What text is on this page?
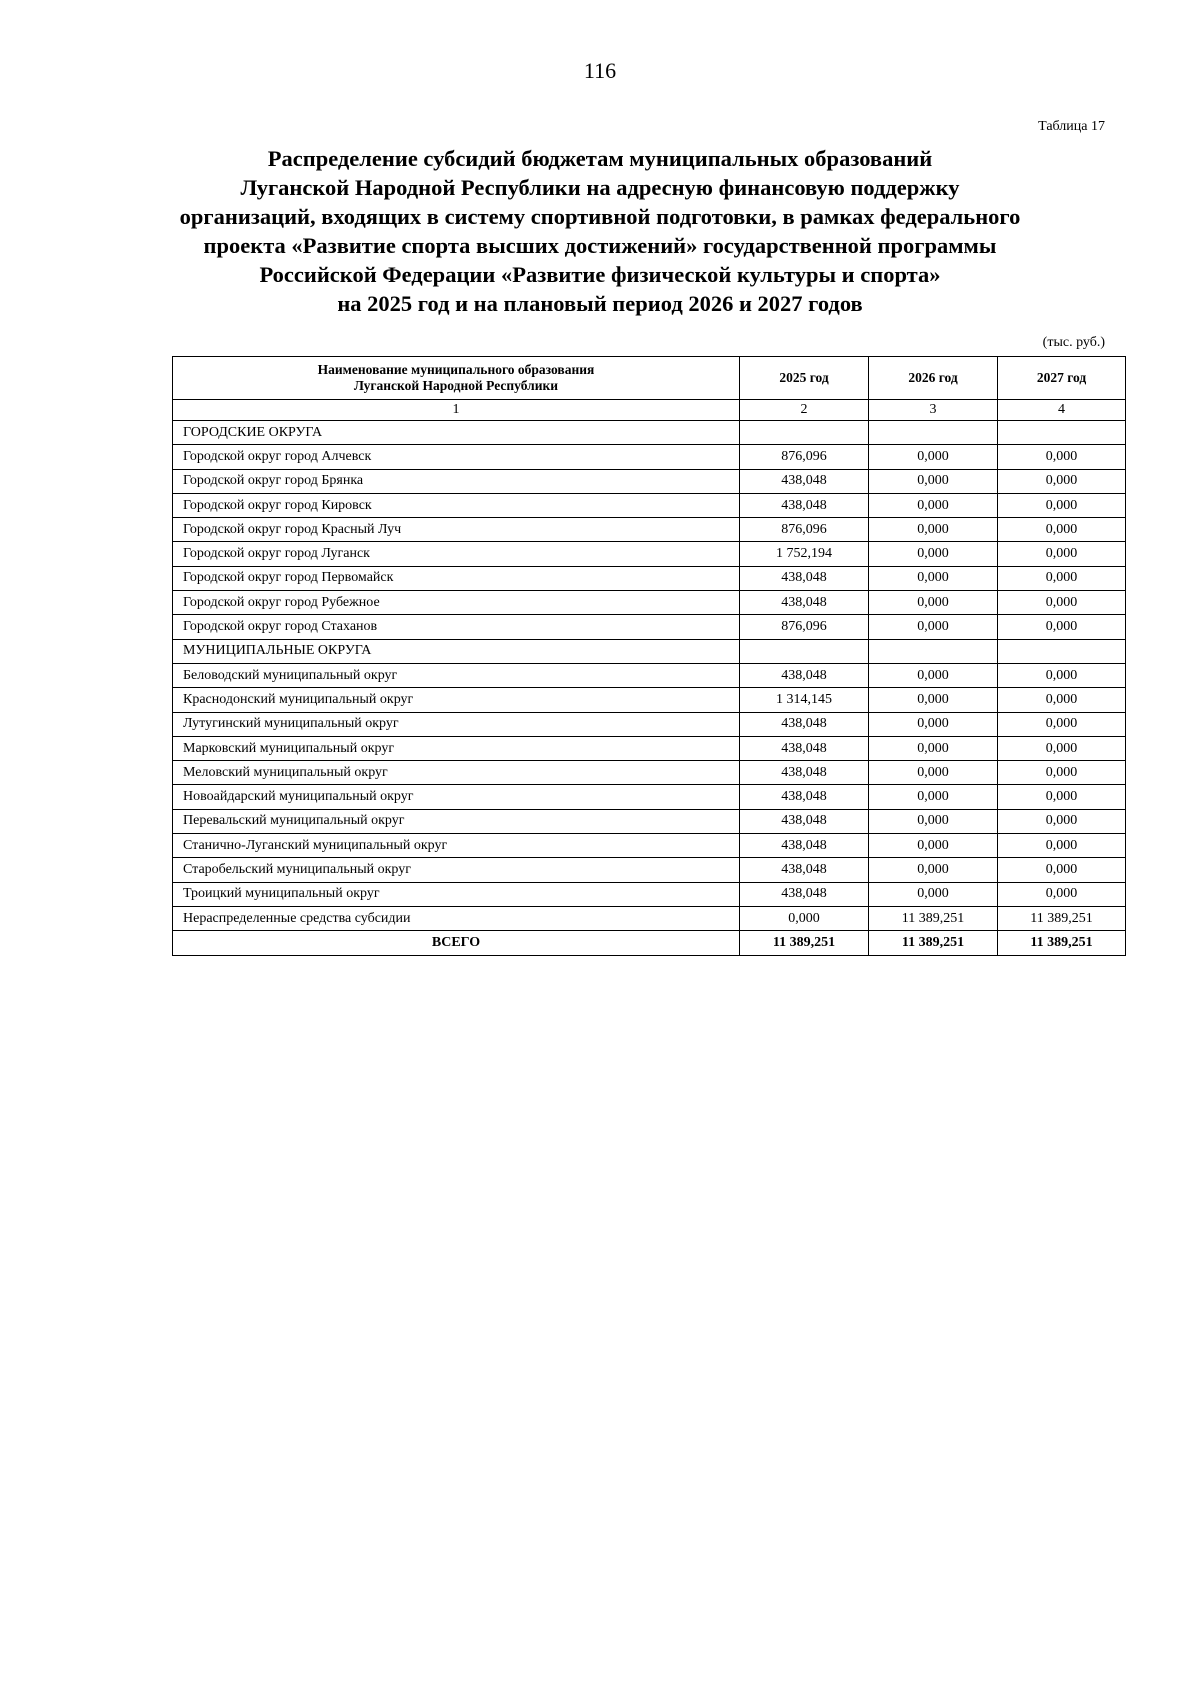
116
Таблица 17
Распределение субсидий бюджетам муниципальных образований
Луганской Народной Республики на адресную финансовую поддержку
организаций, входящих в систему спортивной подготовки, в рамках федерального
проекта «Развитие спорта высших достижений» государственной программы
Российской Федерации «Развитие физической культуры и спорта»
на 2025 год и на плановый период 2026 и 2027 годов
(тыс. руб.)
Наименование муниципального образования
Луганской Народной Республики	2025 год	2026 год	2027 год
1	2	3	4
ГОРОДСКИЕ ОКРУГА			
Городской округ город Алчевск	876,096	0,000	0,000
Городской округ город Брянка	438,048	0,000	0,000
Городской округ город Кировск	438,048	0,000	0,000
Городской округ город Красный Луч	876,096	0,000	0,000
Городской округ город Луганск	1 752,194	0,000	0,000
Городской округ город Первомайск	438,048	0,000	0,000
Городской округ город Рубежное	438,048	0,000	0,000
Городской округ город Стаханов	876,096	0,000	0,000
МУНИЦИПАЛЬНЫЕ ОКРУГА			
Беловодский муниципальный округ	438,048	0,000	0,000
Краснодонский муниципальный округ	1 314,145	0,000	0,000
Лутугинский муниципальный округ	438,048	0,000	0,000
Марковский муниципальный округ	438,048	0,000	0,000
Меловский муниципальный округ	438,048	0,000	0,000
Новоайдарский муниципальный округ	438,048	0,000	0,000
Перевальский муниципальный округ	438,048	0,000	0,000
Станично-Луганский муниципальный округ	438,048	0,000	0,000
Старобельский муниципальный округ	438,048	0,000	0,000
Троицкий муниципальный округ	438,048	0,000	0,000
Нераспределенные средства субсидии	0,000	11 389,251	11 389,251
ВСЕГО	11 389,251	11 389,251	11 389,251
